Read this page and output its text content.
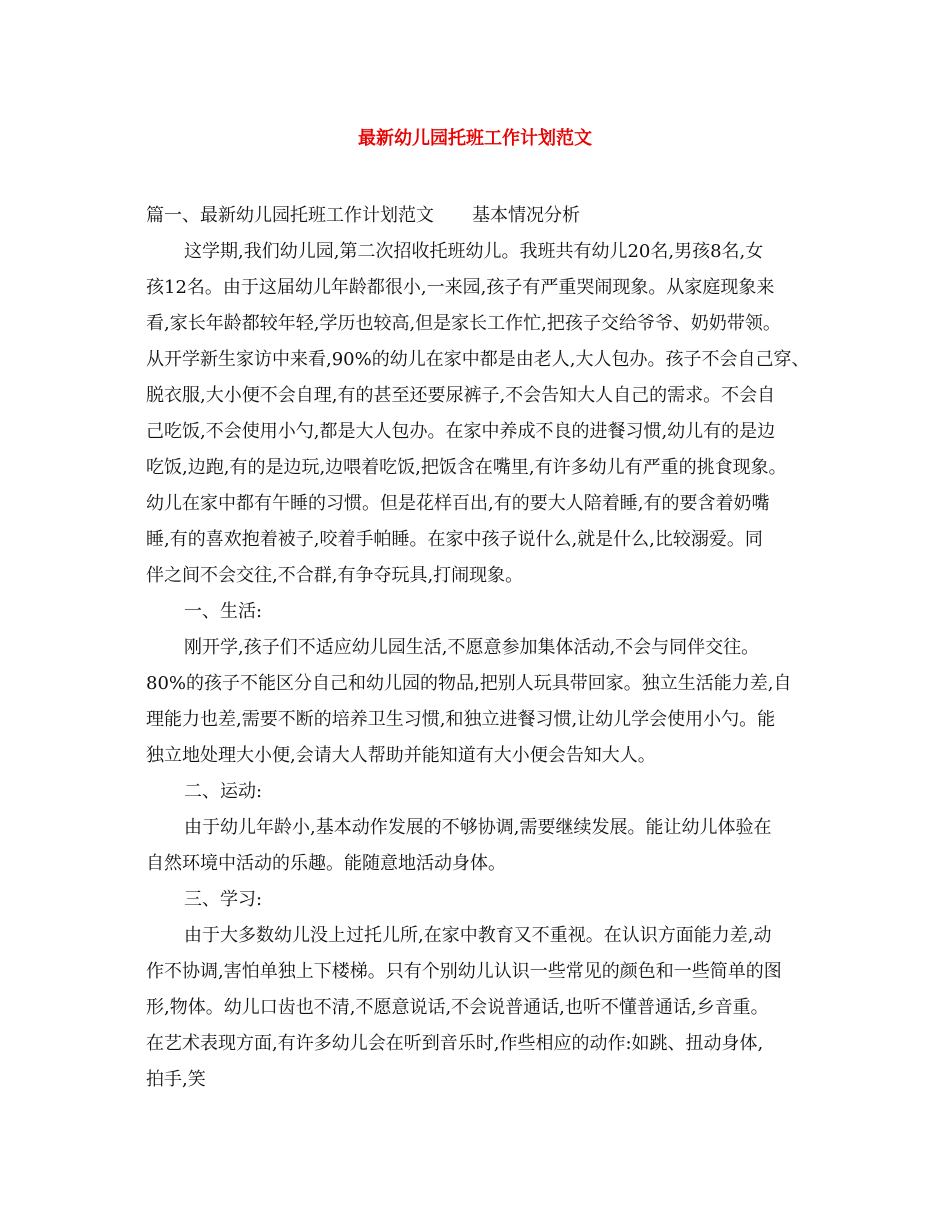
最新幼儿园托班工作计划范文
篇一、最新幼儿园托班工作计划范文 基本情况分析
这学期,我们幼儿园,第二次招收托班幼儿。我班共有幼儿20名,男孩8名,女
孩12名。由于这届幼儿年龄都很小,一来园,孩子有严重哭闹现象。从家庭现象来
看,家长年龄都较年轻,学历也较高,但是家长工作忙,把孩子交给爷爷、奶奶带领。
从开学新生家访中来看,90%的幼儿在家中都是由老人,大人包办。孩子不会自己穿、
脱衣服,大小便不会自理,有的甚至还要尿裤子,不会告知大人自己的需求。不会自
己吃饭,不会使用小勺,都是大人包办。在家中养成不良的进餐习惯,幼儿有的是边
吃饭,边跑,有的是边玩,边喂着吃饭,把饭含在嘴里,有许多幼儿有严重的挑食现象。
幼儿在家中都有午睡的习惯。但是花样百出,有的要大人陪着睡,有的要含着奶嘴
睡,有的喜欢抱着被子,咬着手帕睡。在家中孩子说什么,就是什么,比较溺爱。同
伴之间不会交往,不合群,有争夺玩具,打闹现象。
一、生活:
刚开学,孩子们不适应幼儿园生活,不愿意参加集体活动,不会与同伴交往。
80%的孩子不能区分自己和幼儿园的物品,把别人玩具带回家。独立生活能力差,自
理能力也差,需要不断的培养卫生习惯,和独立进餐习惯,让幼儿学会使用小勺。能
独立地处理大小便,会请大人帮助并能知道有大小便会告知大人。
二、运动:
由于幼儿年龄小,基本动作发展的不够协调,需要继续发展。能让幼儿体验在
自然环境中活动的乐趣。能随意地活动身体。
三、学习:
由于大多数幼儿没上过托儿所,在家中教育又不重视。在认识方面能力差,动
作不协调,害怕单独上下楼梯。只有个别幼儿认识一些常见的颜色和一些简单的图
形,物体。幼儿口齿也不清,不愿意说话,不会说普通话,也听不懂普通话,乡音重。
在艺术表现方面,有许多幼儿会在听到音乐时,作些相应的动作:如跳、扭动身体,
拍手,笑
